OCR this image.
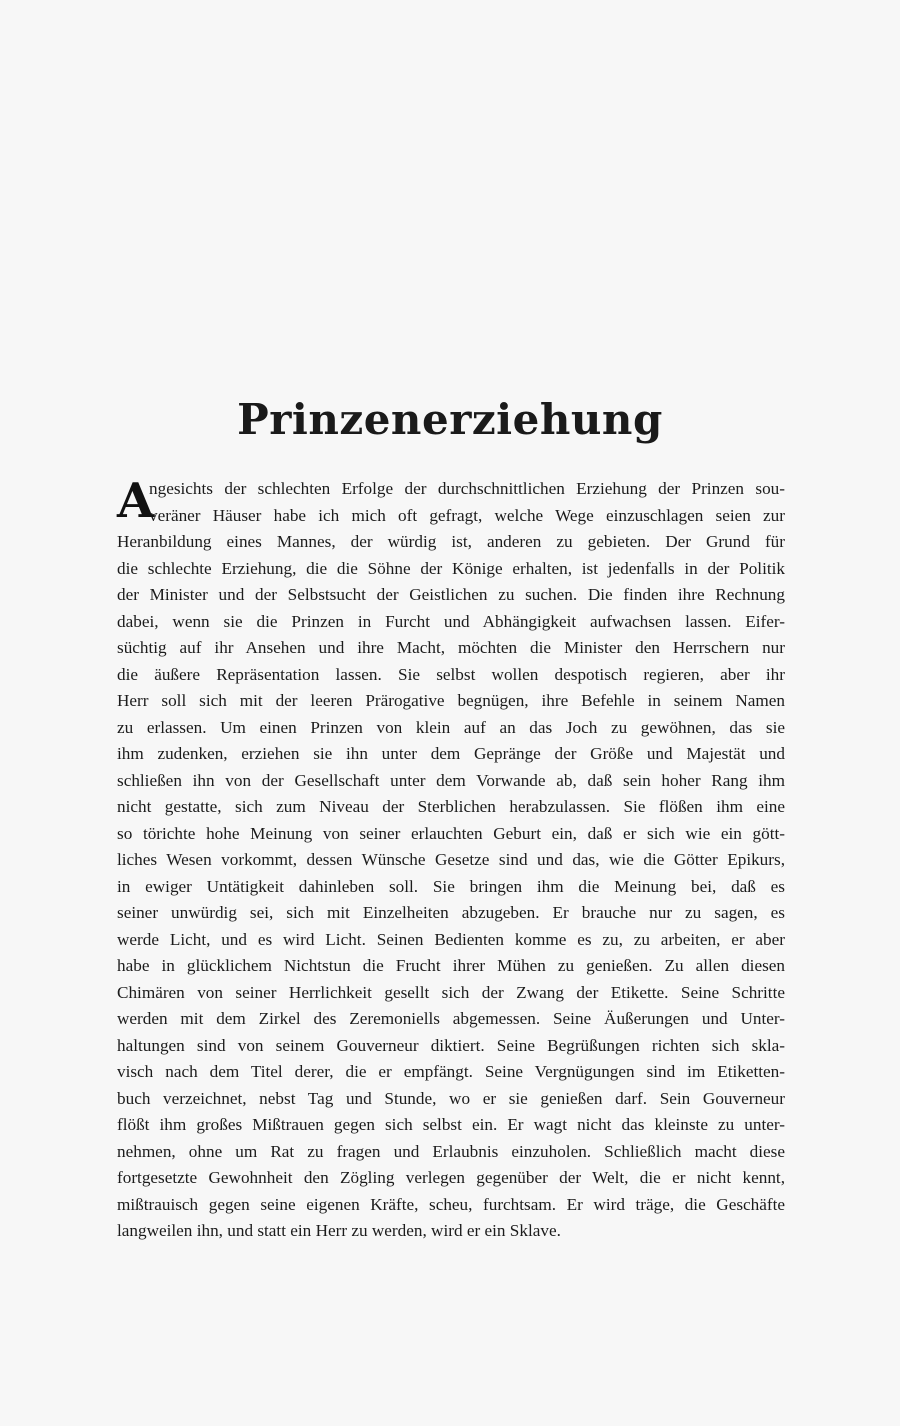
Prinzenerziehung
A
ngesichts der schlechten Erfolge der durchschnittlichen Erziehung der Prinzen sou-
veräner Häuser habe ich mich oft gefragt, welche Wege einzuschlagen seien zur
Heranbildung eines Mannes, der würdig ist, anderen zu gebieten. Der Grund für
die schlechte Erziehung, die die Söhne der Könige erhalten, ist jedenfalls in der Politik
der Minister und der Selbstsucht der Geistlichen zu suchen. Die finden ihre Rechnung
dabei, wenn sie die Prinzen in Furcht und Abhängigkeit aufwachsen lassen. Eifer-
süchtig auf ihr Ansehen und ihre Macht, möchten die Minister den Herrschern nur
die äußere Repräsentation lassen. Sie selbst wollen despotisch regieren, aber ihr
Herr soll sich mit der leeren Prärogative begnügen, ihre Befehle in seinem Namen
zu erlassen. Um einen Prinzen von klein auf an das Joch zu gewöhnen, das sie
ihm zudenken, erziehen sie ihn unter dem Gepränge der Größe und Majestät und
schließen ihn von der Gesellschaft unter dem Vorwande ab, daß sein hoher Rang ihm
nicht gestatte, sich zum Niveau der Sterblichen herabzulassen. Sie flößen ihm eine
so törichte hohe Meinung von seiner erlauchten Geburt ein, daß er sich wie ein gött-
liches Wesen vorkommt, dessen Wünsche Gesetze sind und das, wie die Götter Epikurs,
in ewiger Untätigkeit dahinleben soll. Sie bringen ihm die Meinung bei, daß es
seiner unwürdig sei, sich mit Einzelheiten abzugeben. Er brauche nur zu sagen, es
werde Licht, und es wird Licht. Seinen Bedienten komme es zu, zu arbeiten, er aber
habe in glücklichem Nichtstun die Frucht ihrer Mühen zu genießen. Zu allen diesen
Chimären von seiner Herrlichkeit gesellt sich der Zwang der Etikette. Seine Schritte
werden mit dem Zirkel des Zeremoniells abgemessen. Seine Äußerungen und Unter-
haltungen sind von seinem Gouverneur diktiert. Seine Begrüßungen richten sich skla-
visch nach dem Titel derer, die er empfängt. Seine Vergnügungen sind im Etiketten-
buch verzeichnet, nebst Tag und Stunde, wo er sie genießen darf. Sein Gouverneur
flößt ihm großes Mißtrauen gegen sich selbst ein. Er wagt nicht das kleinste zu unter-
nehmen, ohne um Rat zu fragen und Erlaubnis einzuholen. Schließlich macht diese
fortgesetzte Gewohnheit den Zögling verlegen gegenüber der Welt, die er nicht kennt,
mißtrauisch gegen seine eigenen Kräfte, scheu, furchtsam. Er wird träge, die Geschäfte
langweilen ihn, und statt ein Herr zu werden, wird er ein Sklave.
